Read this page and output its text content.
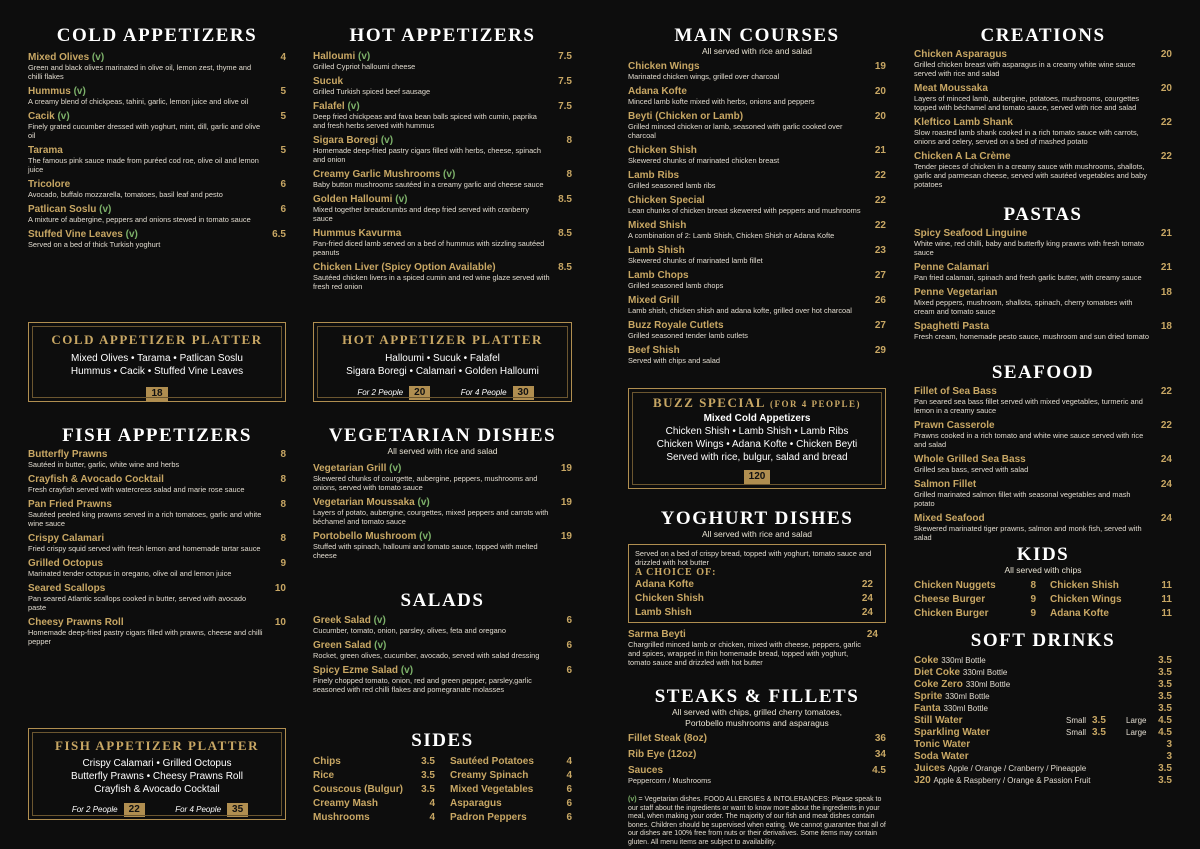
COLD APPETIZERS
Mixed Olives (v)	4
Green and black olives marinated in olive oil, lemon zest, thyme and chilli flakes
Hummus (v)	5
A creamy blend of chickpeas, tahini, garlic, lemon juice and olive oil
Cacik (v)	5
Finely grated cucumber dressed with yoghurt, mint, dill, garlic and olive oil
Tarama	5
The famous pink sauce made from puréed cod roe, olive oil and lemon juice
Tricolore	6
Avocado, buffalo mozzarella, tomatoes, basil leaf and pesto
Patlican Soslu (v)	6
A mixture of aubergine, peppers and onions stewed in tomato sauce
Stuffed Vine Leaves (v)	6.5
Served on a bed of thick Turkish yoghurt
COLD APPETIZER PLATTER
Mixed Olives • Tarama • Patlican Soslu
Hummus • Cacik • Stuffed Vine Leaves
18
FISH APPETIZERS
Butterfly Prawns	8
Sautéed in butter, garlic, white wine and herbs
Crayfish & Avocado Cocktail	8
Fresh crayfish served with watercress salad and marie rose sauce
Pan Fried Prawns	8
Sautéed peeled king prawns served in a rich tomatoes, garlic and white wine sauce
Crispy Calamari	8
Fried crispy squid served with fresh lemon and homemade tartar sauce
Grilled Octopus	9
Marinated tender octopus in oregano, olive oil and lemon juice
Seared Scallops	10
Pan seared Atlantic scallops cooked in butter, served with avocado paste
Cheesy Prawns Roll	10
Homemade deep-fried pastry cigars filled with prawns, cheese and chilli pepper
FISH APPETIZER PLATTER
Crispy Calamari • Grilled Octopus
Butterfly Prawns • Cheesy Prawns Roll
Crayfish & Avocado Cocktail
For 2 People 22	For 4 People 35
HOT APPETIZERS
Halloumi (v)	7.5
Grilled Cypriot halloumi cheese
Sucuk	7.5
Grilled Turkish spiced beef sausage
Falafel (v)	7.5
Deep fried chickpeas and fava bean balls spiced with cumin, paprika and fresh herbs served with hummus
Sigara Boregi (v)	8
Homemade deep-fried pastry cigars filled with herbs, cheese, spinach and onion
Creamy Garlic Mushrooms (v)	8
Baby button mushrooms sautéed in a creamy garlic and cheese sauce
Golden Halloumi (v)	8.5
Mixed together breadcrumbs and deep fried served with cranberry sauce
Hummus Kavurma	8.5
Pan-fried diced lamb served on a bed of hummus with sizzling sautéed peanuts
Chicken Liver (Spicy Option Available)	8.5
Sautéed chicken livers in a spiced cumin and red wine glaze served with fresh red onion
HOT APPETIZER PLATTER
Halloumi • Sucuk • Falafel
Sigara Boregi • Calamari • Golden Halloumi
For 2 People 20	For 4 People 30
VEGETARIAN DISHES
All served with rice and salad
Vegetarian Grill (v)	19
Skewered chunks of courgette, aubergine, peppers, mushrooms and onions, served with tomato sauce
Vegetarian Moussaka (v)	19
Layers of potato, aubergine, courgettes, mixed peppers and carrots with béchamel and tomato sauce
Portobello Mushroom (v)	19
Stuffed with spinach, halloumi and tomato sauce, topped with melted cheese
SALADS
Greek Salad (v)	6
Cucumber, tomato, onion, parsley, olives, feta and oregano
Green Salad (v)	6
Rocket, green olives, cucumber, avocado, served with salad dressing
Spicy Ezme Salad (v)	6
Finely chopped tomato, onion, red and green pepper, parsley,garlic seasoned with red chilli flakes and pomegranate molasses
SIDES
Chips	3.5
Rice	3.5
Couscous (Bulgur) 3.5
Creamy Mash	4
Mushrooms	4
Sautéed Potatoes	4
Creamy Spinach	4
Mixed Vegetables	6
Asparagus	6
Padron Peppers	6
MAIN COURSES
All served with rice and salad
Chicken Wings	19
Marinated chicken wings, grilled over charcoal
Adana Kofte	20
Minced lamb kofte mixed with herbs, onions and peppers
Beyti (Chicken or Lamb)	20
Grilled minced chicken or lamb, seasoned with garlic cooked over charcoal
Chicken Shish	21
Skewered chunks of marinated chicken breast
Lamb Ribs	22
Grilled seasoned lamb ribs
Chicken Special	22
Lean chunks of chicken breast skewered with peppers and mushrooms
Mixed Shish	22
A combination of 2: Lamb Shish, Chicken Shish or Adana Kofte
Lamb Shish	23
Skewered chunks of marinated lamb fillet
Lamb Chops	27
Grilled seasoned lamb chops
Mixed Grill	26
Lamb shish, chicken shish and adana kofte, grilled over hot charcoal
Buzz Royale Cutlets	27
Grilled seasoned tender lamb cutlets
Beef Shish	29
Served with chips and salad
BUZZ SPECIAL (FOR 4 PEOPLE)
Mixed Cold Appetizers
Chicken Shish • Lamb Shish • Lamb Ribs
Chicken Wings • Adana Kofte • Chicken Beyti
Served with rice, bulgur, salad and bread
120
YOGHURT DISHES
All served with rice and salad
Served on a bed of crispy bread, topped with yoghurt, tomato sauce and drizzled with hot butter
A CHOICE OF:
Adana Kofte	22
Chicken Shish	24
Lamb Shish	24
Sarma Beyti	24
Chargrilled minced lamb or chicken, mixed with cheese, peppers, garlic and spices, wrapped in thin homemade bread, topped with yoghurt, tomato sauce and drizzled with hot butter
STEAKS & FILLETS
All served with chips, grilled cherry tomatoes,
Portobello mushrooms and asparagus
Fillet Steak (8oz)	36
Rib Eye (12oz)	34
Sauces	4.5
Peppercorn / Mushrooms
(v) = Vegetarian dishes. FOOD ALLERGIES & INTOLERANCES: Please speak to our staff about the ingredients or want to know more about the ingredients in your meal, when making your order. The majority of our fish and meat dishes contain bones. Children should be supervised when eating. We cannot guarantee that all of our dishes are 100% free from nuts or their derivatives. Some items may contain gluten. All menu items are subject to availability.
CREATIONS
Chicken Asparagus	20
Grilled chicken breast with asparagus in a creamy white wine sauce served with rice and salad
Meat Moussaka	20
Layers of minced lamb, aubergine, potatoes, mushrooms, courgettes topped with béchamel and tomato sauce, served with rice and salad
Kleftico Lamb Shank	22
Slow roasted lamb shank cooked in a rich tomato sauce with carrots, onions and celery, served on a bed of mashed potato
Chicken A La Crème	22
Tender pieces of chicken in a creamy sauce with mushrooms, shallots, garlic and parmesan cheese, served with sautéed vegetables and baby potatoes
PASTAS
Spicy Seafood Linguine	21
White wine, red chilli, baby and butterfly king prawns with fresh tomato sauce
Penne Calamari	21
Pan fried calamari, spinach and fresh garlic butter, with creamy sauce
Penne Vegetarian	18
Mixed peppers, mushroom, shallots, spinach, cherry tomatoes with cream and tomato sauce
Spaghetti Pasta	18
Fresh cream, homemade pesto sauce, mushroom and sun dried tomato
SEAFOOD
Fillet of Sea Bass	22
Pan seared sea bass fillet served with mixed vegetables, turmeric and lemon in a creamy sauce
Prawn Casserole	22
Prawns cooked in a rich tomato and white wine sauce served with rice and salad
Whole Grilled Sea Bass	24
Grilled sea bass, served with salad
Salmon Fillet	24
Grilled marinated salmon fillet with seasonal vegetables and mash potato
Mixed Seafood	24
Skewered marinated tiger prawns, salmon and monk fish, served with salad
KIDS
All served with chips
Chicken Nuggets	8
Cheese Burger	9
Chicken Burger	9
Chicken Shish	11
Chicken Wings	11
Adana Kofte	11
SOFT DRINKS
Coke 330ml Bottle	3.5
Diet Coke 330ml Bottle	3.5
Coke Zero 330ml Bottle	3.5
Sprite 330ml Bottle	3.5
Fanta 330ml Bottle	3.5
Still Water	Small 3.5	Large 4.5
Sparkling Water	Small 3.5	Large 4.5
Tonic Water	3
Soda Water	3
Juices Apple / Orange / Cranberry / Pineapple	3.5
J20 Apple & Raspberry / Orange & Passion Fruit	3.5
